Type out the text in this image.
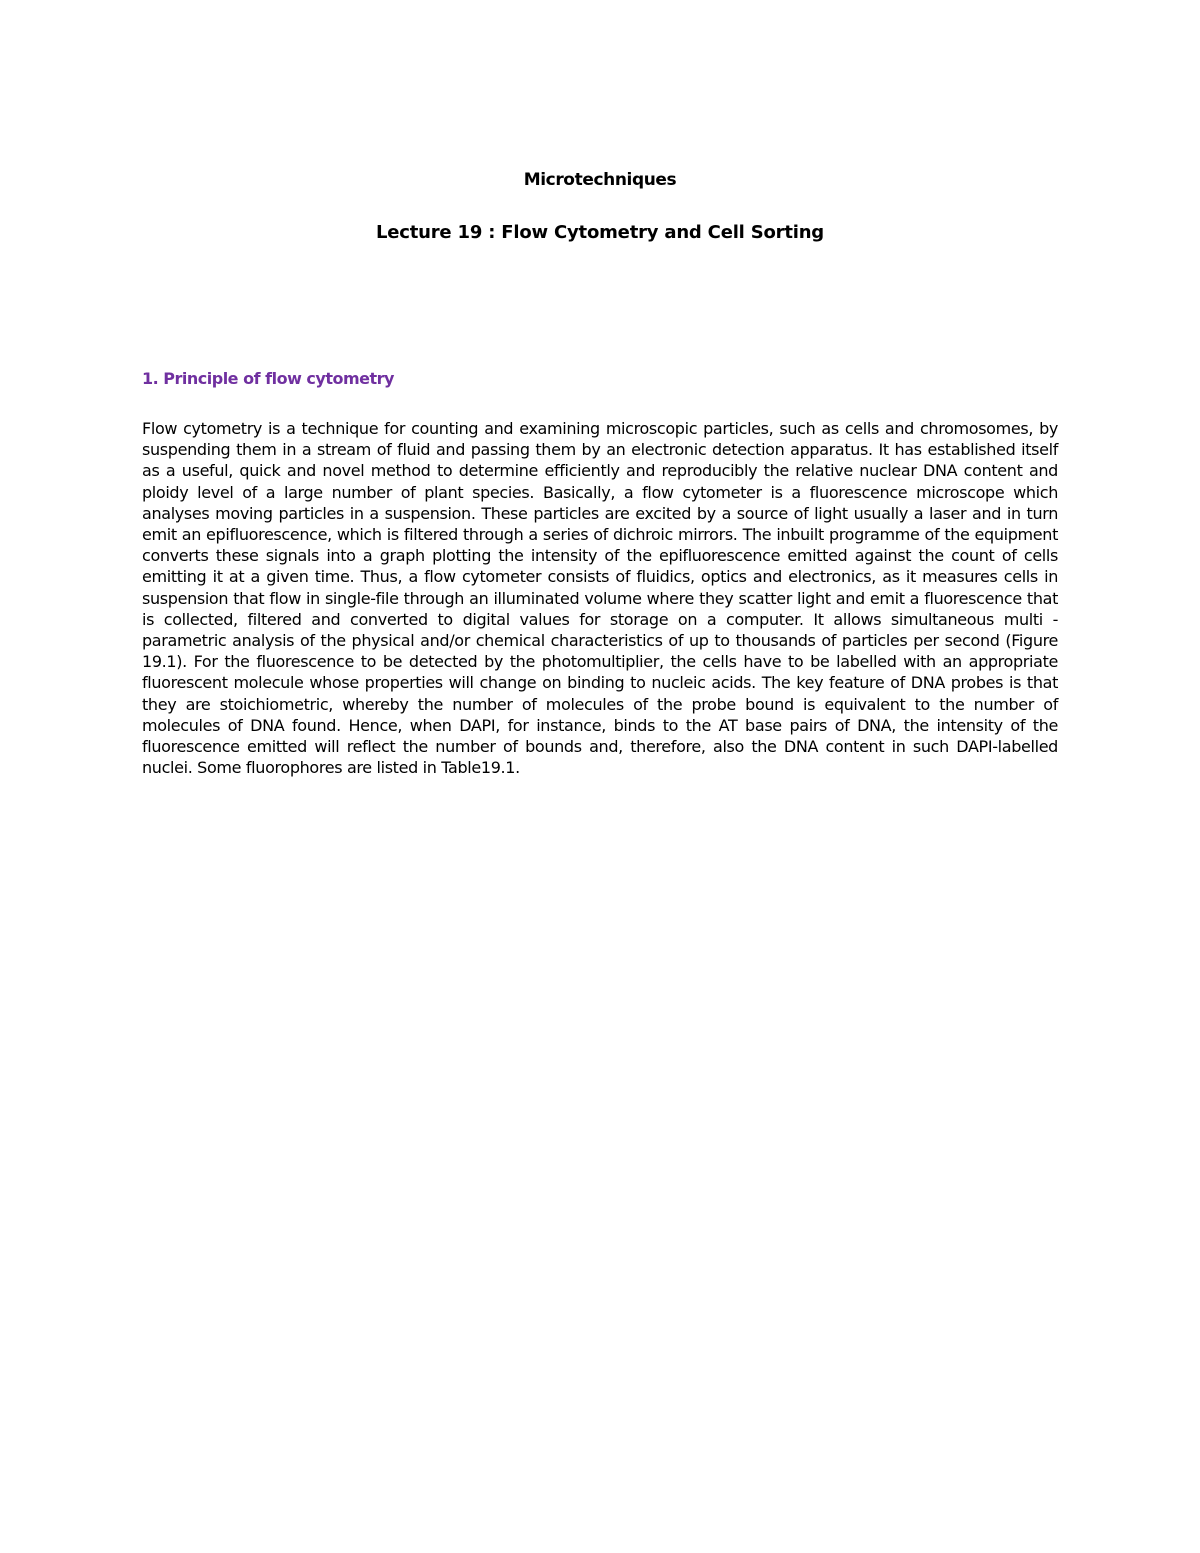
Microtechniques
Lecture 19 : Flow Cytometry and Cell Sorting
1. Principle of flow cytometry

Flow cytometry is a technique for counting and examining microscopic particles, such as cells and chromosomes, by suspending them in a stream of fluid and passing them by an electronic detection apparatus. It has established itself as a useful, quick and novel method to determine efficiently and reproducibly the relative nuclear DNA content and ploidy level of a large number of plant species. Basically, a flow cytometer is a fluorescence microscope which analyses moving particles in a suspension. These particles are excited by a source of light usually a laser and in turn emit an epifluorescence, which is filtered through a series of dichroic mirrors. The inbuilt programme of the equipment converts these signals into a graph plotting the intensity of the epifluorescence emitted against the count of cells emitting it at a given time. Thus, a flow cytometer consists of fluidics, optics and electronics, as it measures cells in suspension that flow in single-file through an illuminated volume where they scatter light and emit a fluorescence that is collected, filtered and converted to digital values for storage on a computer. It allows simultaneous multi - parametric analysis of the physical and/or chemical characteristics of up to thousands of particles per second (Figure 19.1). For the fluorescence to be detected by the photomultiplier, the cells have to be labelled with an appropriate fluorescent molecule whose properties will change on binding to nucleic acids. The key feature of DNA probes is that they are stoichiometric, whereby the number of molecules of the probe bound is equivalent to the number of molecules of DNA found. Hence, when DAPI, for instance, binds to the AT base pairs of DNA, the intensity of the fluorescence emitted will reflect the number of bounds and, therefore, also the DNA content in such DAPI-labelled nuclei. Some fluorophores are listed in Table19.1.
